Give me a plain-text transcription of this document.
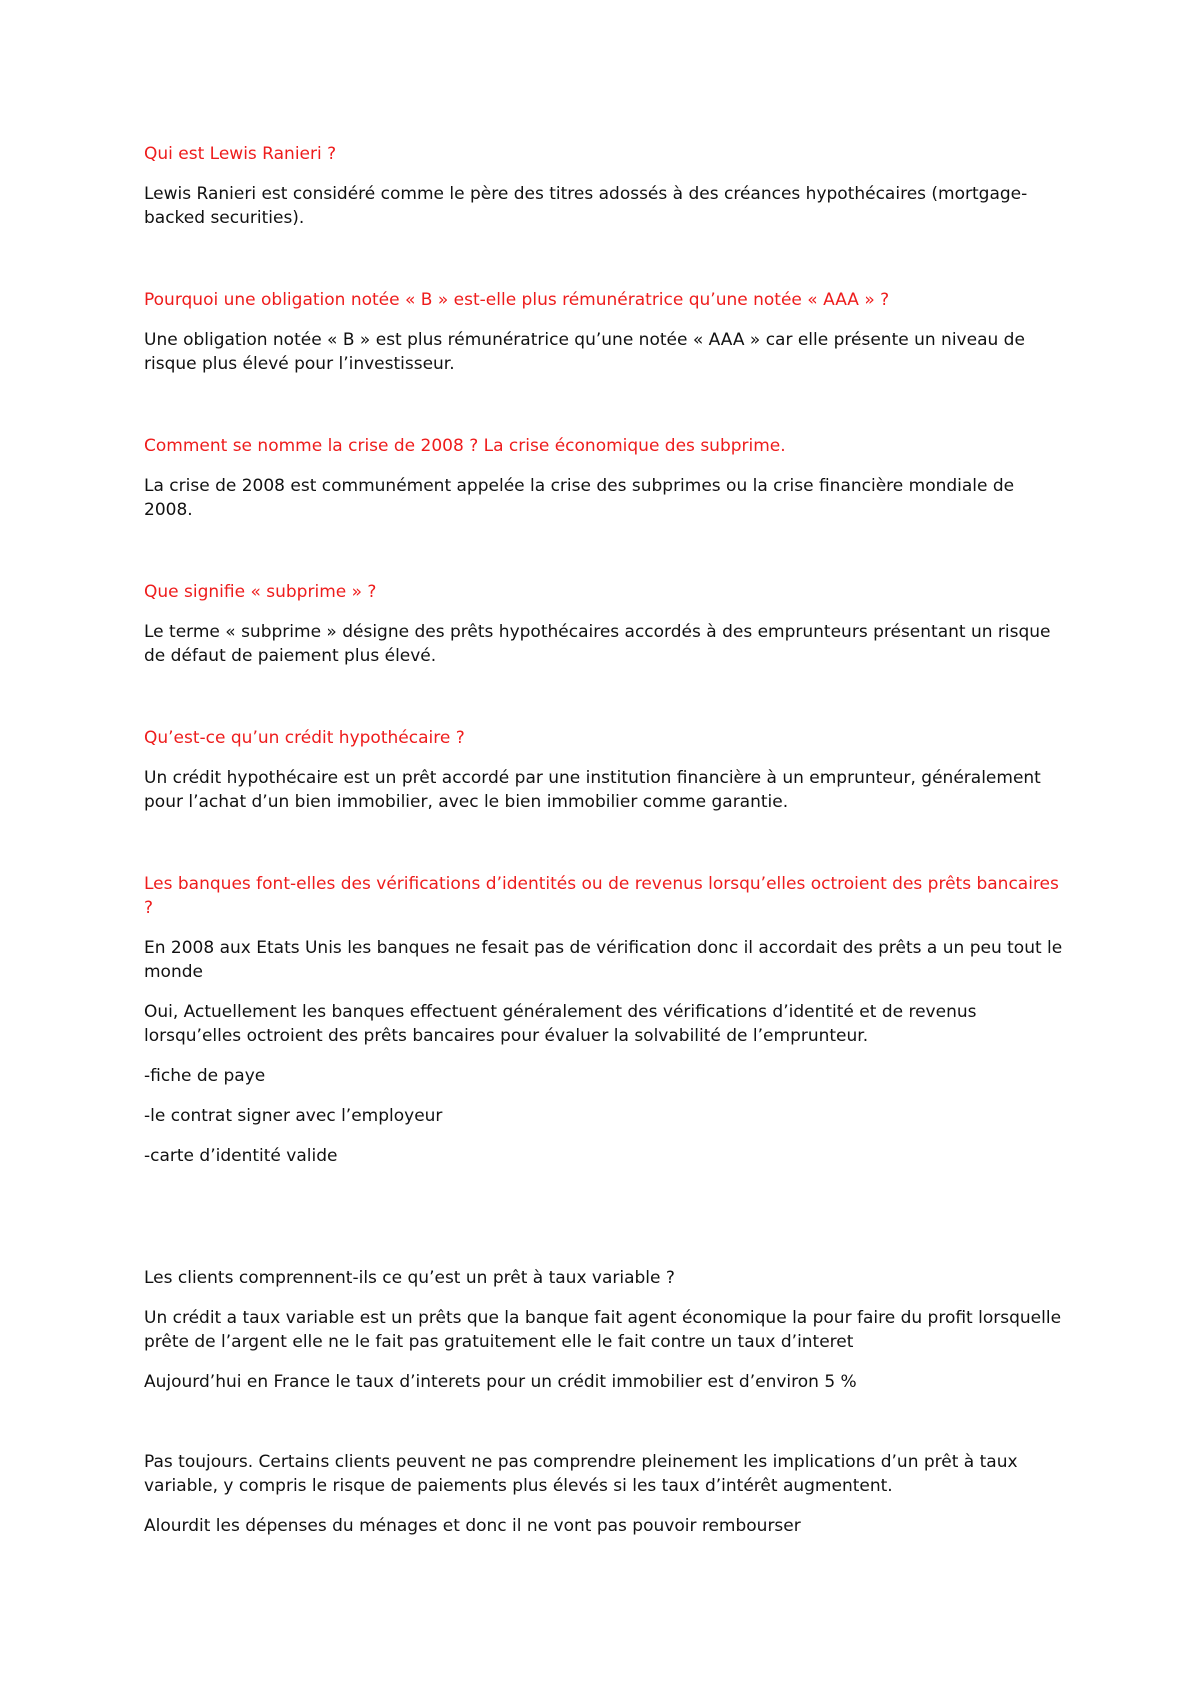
Qui est Lewis Ranieri ?

Lewis Ranieri est considéré comme le père des titres adossés à des créances hypothécaires (mortgage-backed securities).

Pourquoi une obligation notée « B » est-elle plus rémunératrice qu’une notée « AAA » ?

Une obligation notée « B » est plus rémunératrice qu’une notée « AAA » car elle présente un niveau de risque plus élevé pour l’investisseur.

Comment se nomme la crise de 2008 ? La crise économique des subprime.

La crise de 2008 est communément appelée la crise des subprimes ou la crise financière mondiale de 2008.

Que signifie « subprime » ?

Le terme « subprime » désigne des prêts hypothécaires accordés à des emprunteurs présentant un risque de défaut de paiement plus élevé.

Qu’est-ce qu’un crédit hypothécaire ?

Un crédit hypothécaire est un prêt accordé par une institution financière à un emprunteur, généralement pour l’achat d’un bien immobilier, avec le bien immobilier comme garantie.

Les banques font-elles des vérifications d’identités ou de revenus lorsqu’elles octroient des prêts bancaires ?

En 2008 aux Etats Unis les banques ne fesait pas de vérification donc il accordait des prêts a un peu tout le monde

Oui, Actuellement les banques effectuent généralement des vérifications d’identité et de revenus lorsqu’elles octroient des prêts bancaires pour évaluer la solvabilité de l’emprunteur.

-fiche de paye

-le contrat signer avec l’employeur

-carte d’identité valide

Les clients comprennent-ils ce qu’est un prêt à taux variable ?

Un crédit a taux variable est un prêts que la banque fait agent économique la pour faire du profit lorsquelle prête de l’argent elle ne le fait pas gratuitement elle le fait contre un taux d’interet

Aujourd’hui en France le taux d’interets pour un crédit immobilier est d’environ 5 %

Pas toujours. Certains clients peuvent ne pas comprendre pleinement les implications d’un prêt à taux variable, y compris le risque de paiements plus élevés si les taux d’intérêt augmentent.

Alourdit les dépenses du ménages et donc il ne vont pas pouvoir rembourser
